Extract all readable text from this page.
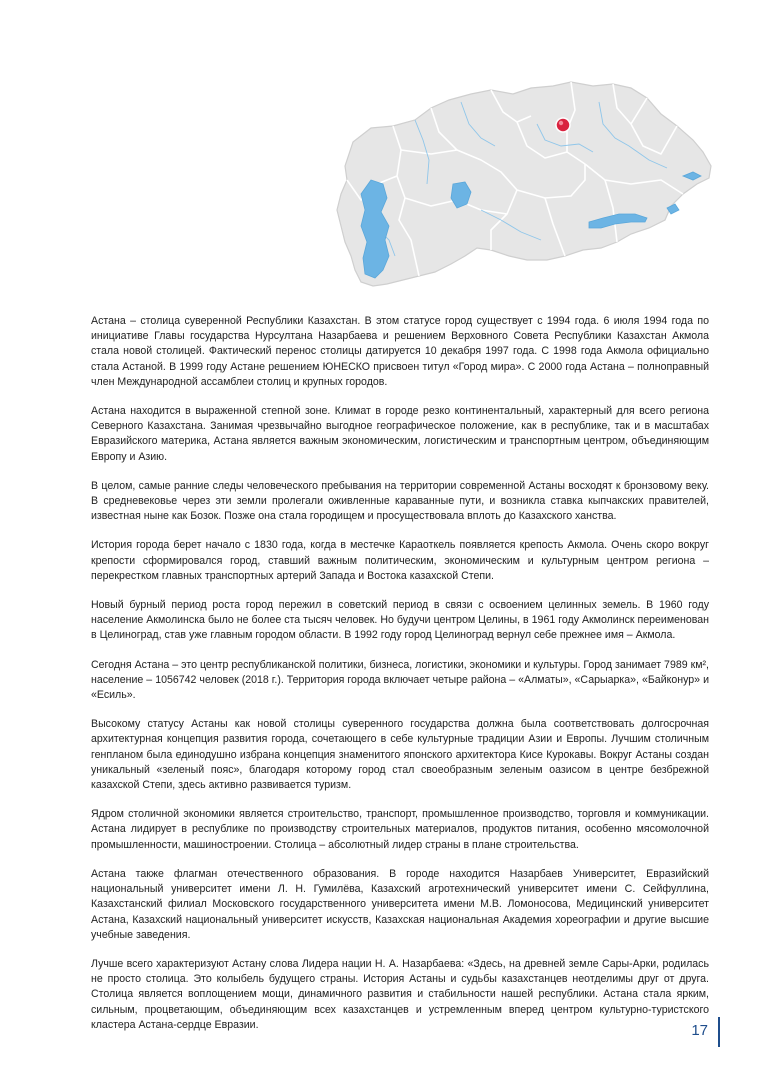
Астана – столица суверенной Республики Казахстан. В этом статусе город существует с 1994 года. 6 июля 1994 года по инициативе Главы государства Нурсултана Назарбаева и решением Верховного Совета Республики Казахстан Акмола стала новой столицей. Фактический перенос столицы датируется 10 декабря 1997 года. С 1998 года Акмола официально стала Астаной. В 1999 году Астане решением ЮНЕСКО присвоен титул «Город мира». С 2000 года Астана – полноправный член Международной ассамблеи столиц и крупных городов.

Астана находится в выраженной степной зоне. Климат в городе резко континентальный, характерный для всего региона Северного Казахстана. Занимая чрезвычайно выгодное географическое положение, как в республике, так и в масштабах Евразийского материка, Астана является важным экономическим, логистическим и транспортным центром, объединяющим Европу и Азию.

В целом, самые ранние следы человеческого пребывания на территории современной Астаны восходят к бронзовому веку. В средневековье через эти земли пролегали оживленные караванные пути, и возникла ставка кыпчакских правителей, известная ныне как Бозок. Позже она стала городищем и просуществовала вплоть до Казахского ханства.

История города берет начало с 1830 года, когда в местечке Караоткель появляется крепость Акмола. Очень скоро вокруг крепости сформировался город, ставший важным политическим, экономическим и культурным центром региона – перекрестком главных транспортных артерий Запада и Востока казахской Степи.

Новый бурный период роста город пережил в советский период в связи с освоением целинных земель. В 1960 году население Акмолинска было не более ста тысяч человек. Но будучи центром Целины, в 1961 году Акмолинск переименован в Целиноград, став уже главным городом области. В 1992 году город Целиноград вернул себе прежнее имя – Акмола.

Сегодня Астана – это центр республиканской политики, бизнеса, логистики, экономики и культуры. Город занимает 7989 км², население – 1056742 человек (2018 г.). Территория города включает четыре района – «Алматы», «Сарыарка», «Байконур» и «Есиль».

Высокому статусу Астаны как новой столицы суверенного государства должна была соответствовать долгосрочная архитектурная концепция развития города, сочетающего в себе культурные традиции Азии и Европы. Лучшим столичным генпланом была единодушно избрана концепция знаменитого японского архитектора Кисе Курокавы. Вокруг Астаны создан уникальный «зеленый пояс», благодаря которому город стал своеобразным зеленым оазисом в центре безбрежной казахской Степи, здесь активно развивается туризм.

Ядром столичной экономики является строительство, транспорт, промышленное производство, торговля и коммуникации. Астана лидирует в республике по производству строительных материалов, продуктов питания, особенно мясомолочной промышленности, машиностроении. Столица – абсолютный лидер страны в плане строительства.

Астана также флагман отечественного образования. В городе находится Назарбаев Университет, Евразийский национальный университет имени Л. Н. Гумилёва, Казахский агротехнический университет имени С. Сейфуллина, Казахстанский филиал Московского государственного университета имени М.В. Ломоносова, Медицинский университет Астана, Казахский национальный университет искусств, Казахская национальная Академия хореографии и другие высшие учебные заведения.

Лучше всего характеризуют Астану слова Лидера нации Н. А. Назарбаева: «Здесь, на древней земле Сары-Арки, родилась не просто столица. Это колыбель будущего страны. История Астаны и судьбы казахстанцев неотделимы друг от друга. Столица является воплощением мощи, динамичного развития и стабильности нашей республики. Астана стала ярким, сильным, процветающим, объединяющим всех казахстанцев и устремленным вперед центром культурно-туристского кластера Астана-сердце Евразии.	17
